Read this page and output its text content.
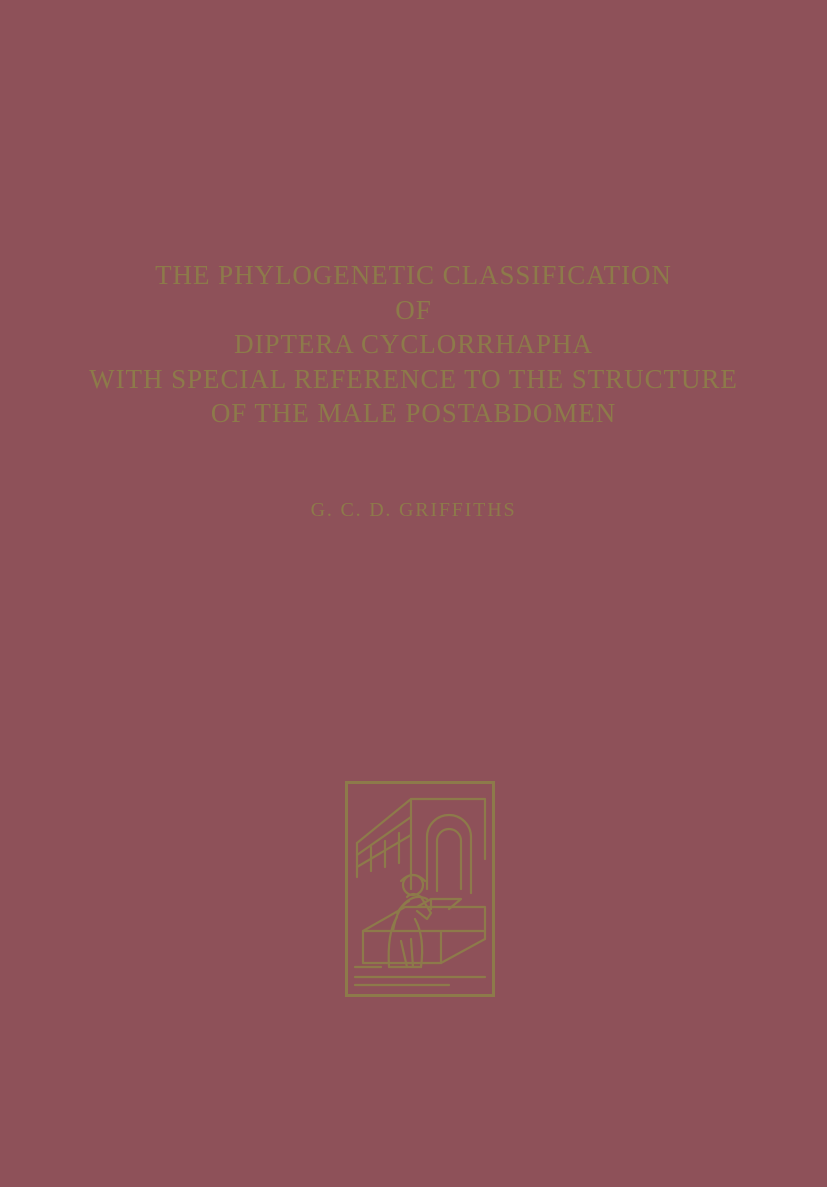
THE PHYLOGENETIC CLASSIFICATION
OF
DIPTERA CYCLORRHAPHA
WITH SPECIAL REFERENCE TO THE STRUCTURE
OF THE MALE POSTABDOMEN
G. C. D. GRIFFITHS
